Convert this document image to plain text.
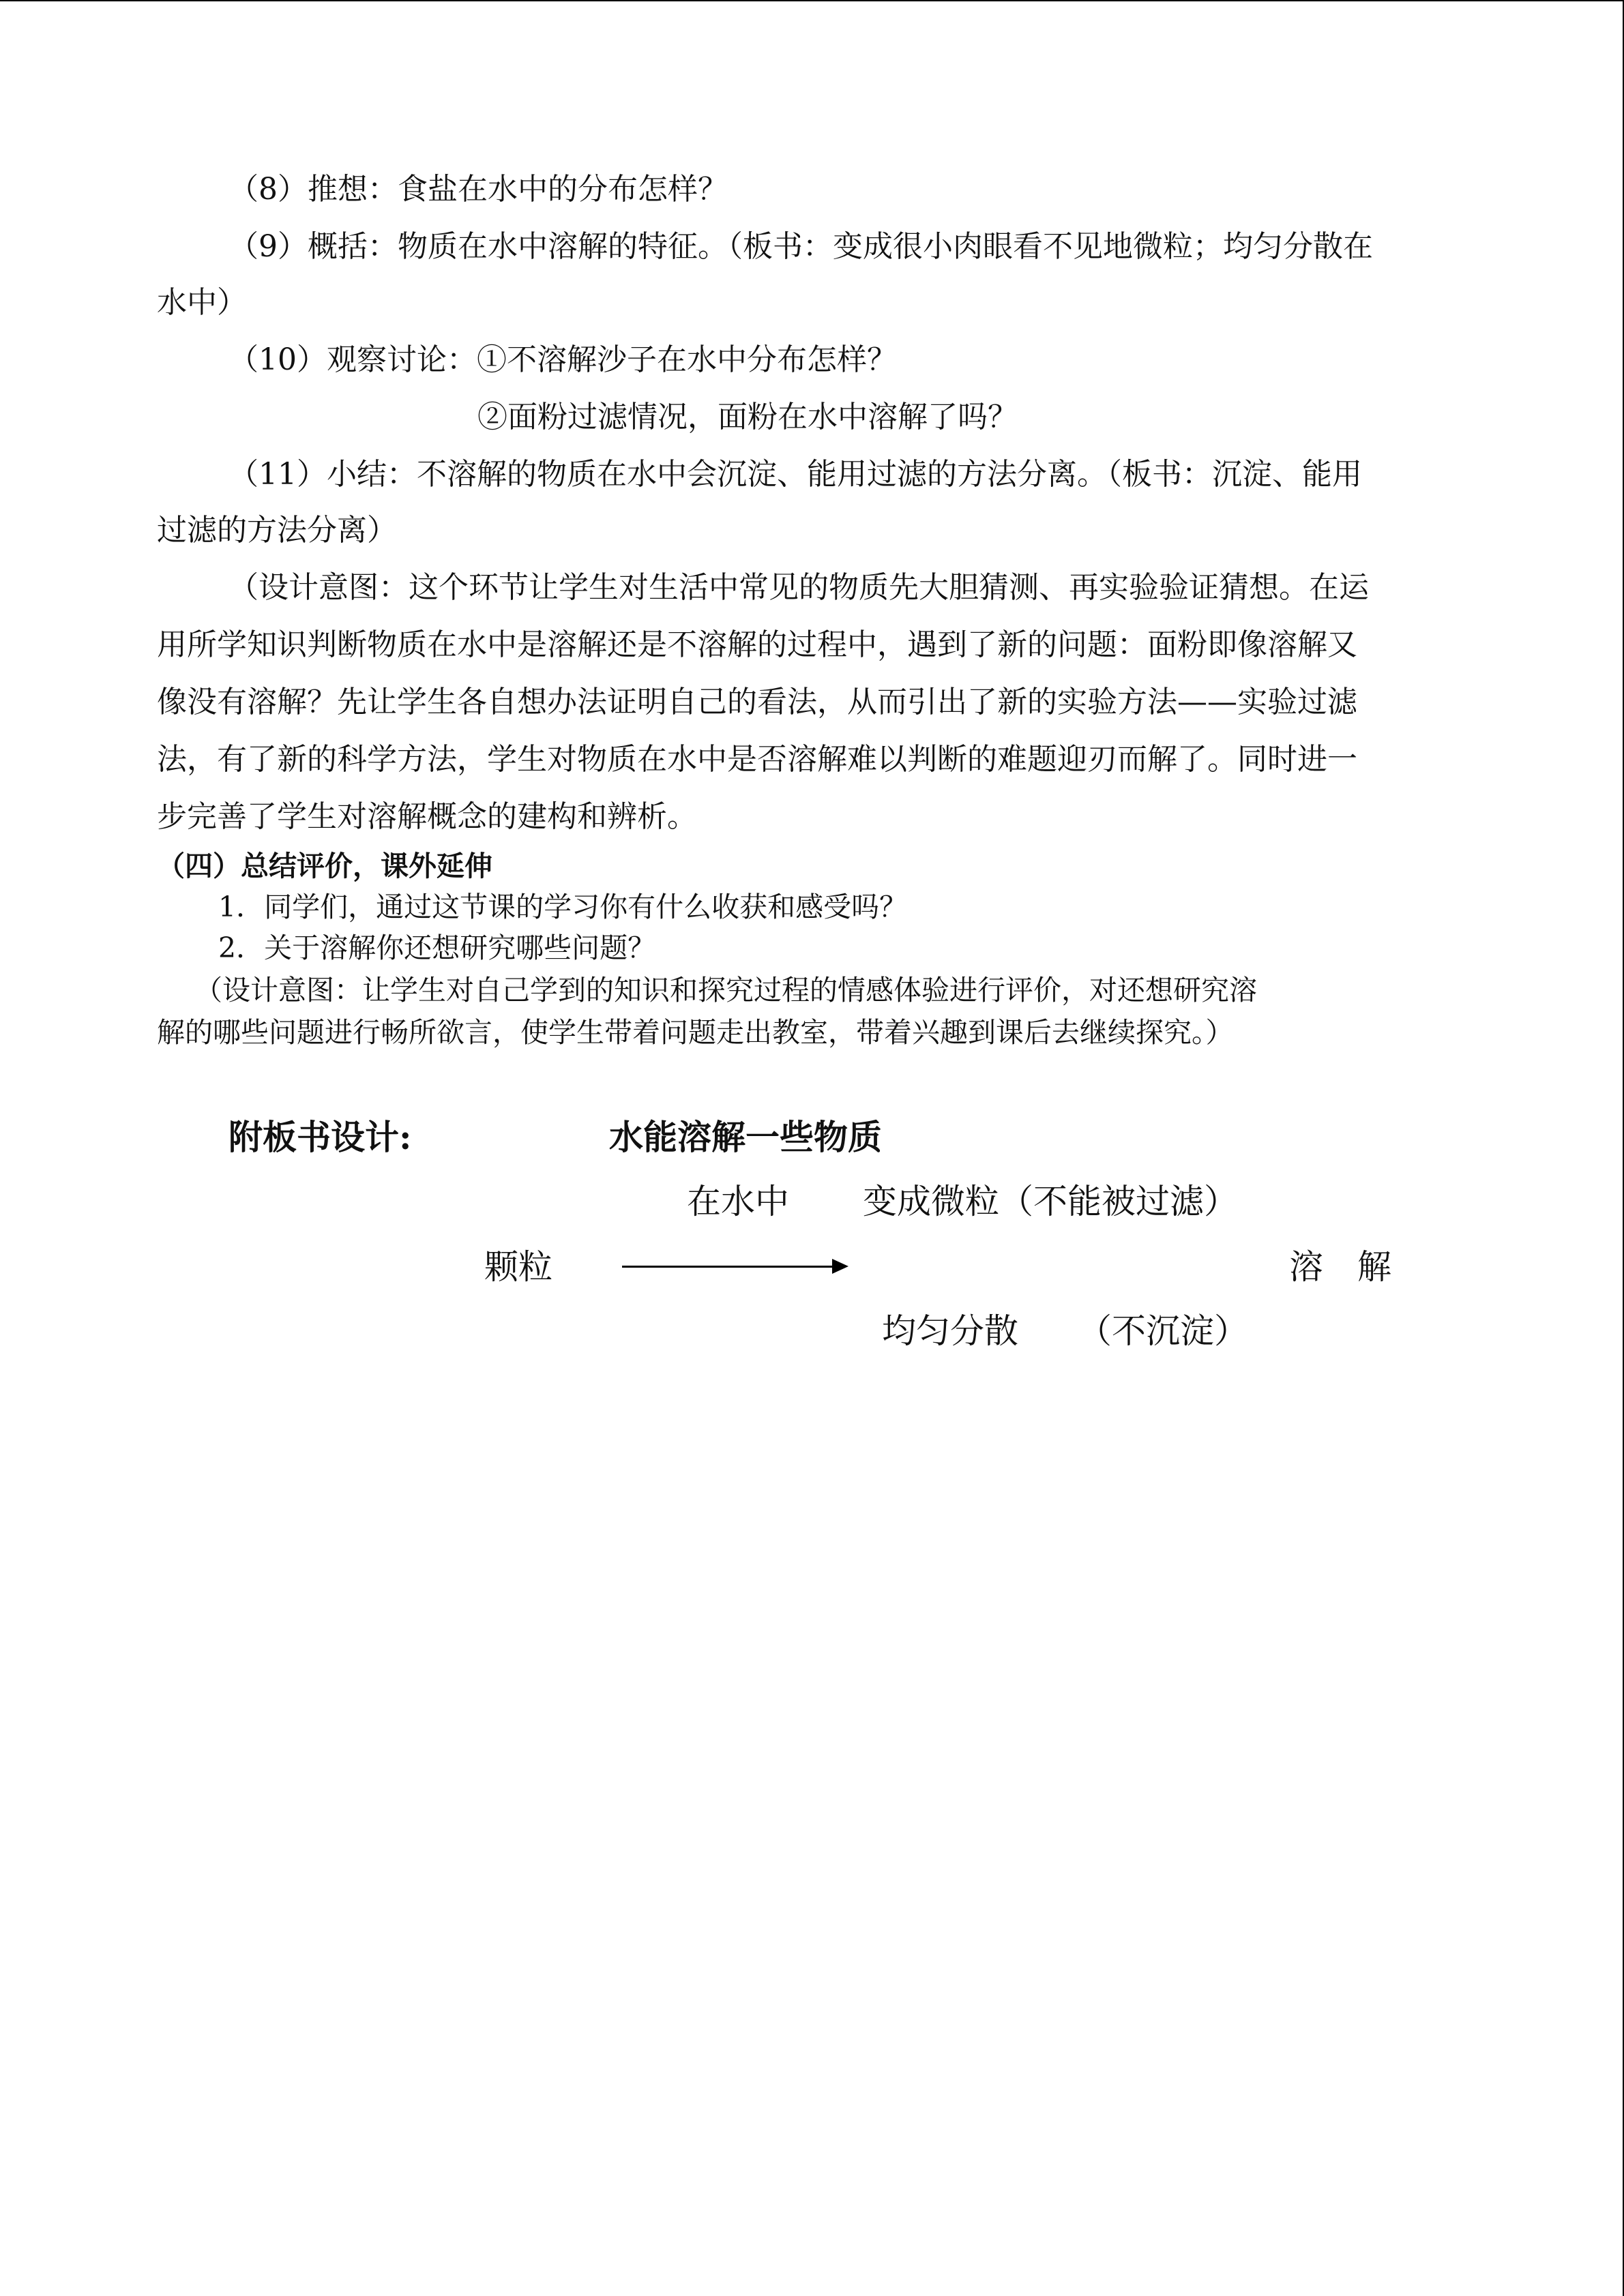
（8）推想：食盐在水中的分布怎样？
（9）概括：物质在水中溶解的特征。（板书：变成很小肉眼看不见地微粒；均匀分散在
水中）
（10）观察讨论：①不溶解沙子在水中分布怎样？
②面粉过滤情况，面粉在水中溶解了吗？
（11）小结：不溶解的物质在水中会沉淀、能用过滤的方法分离。（板书：沉淀、能用
过滤的方法分离）
（设计意图：这个环节让学生对生活中常见的物质先大胆猜测、再实验验证猜想。在运
用所学知识判断物质在水中是溶解还是不溶解的过程中，遇到了新的问题：面粉即像溶解又
像没有溶解？先让学生各自想办法证明自己的看法，从而引出了新的实验方法——实验过滤
法，有了新的科学方法，学生对物质在水中是否溶解难以判断的难题迎刃而解了。同时进一
步完善了学生对溶解概念的建构和辨析。
（四）总结评价，课外延伸
1．同学们，通过这节课的学习你有什么收获和感受吗？
2．关于溶解你还想研究哪些问题？
（设计意图：让学生对自己学到的知识和探究过程的情感体验进行评价，对还想研究溶
解的哪些问题进行畅所欲言，使学生带着问题走出教室，带着兴趣到课后去继续探究。）
附板书设计:	水能溶解一些物质
在水中 变成微粒（不能被过滤）
颗粒	溶　解
均匀分散 （不沉淀）
